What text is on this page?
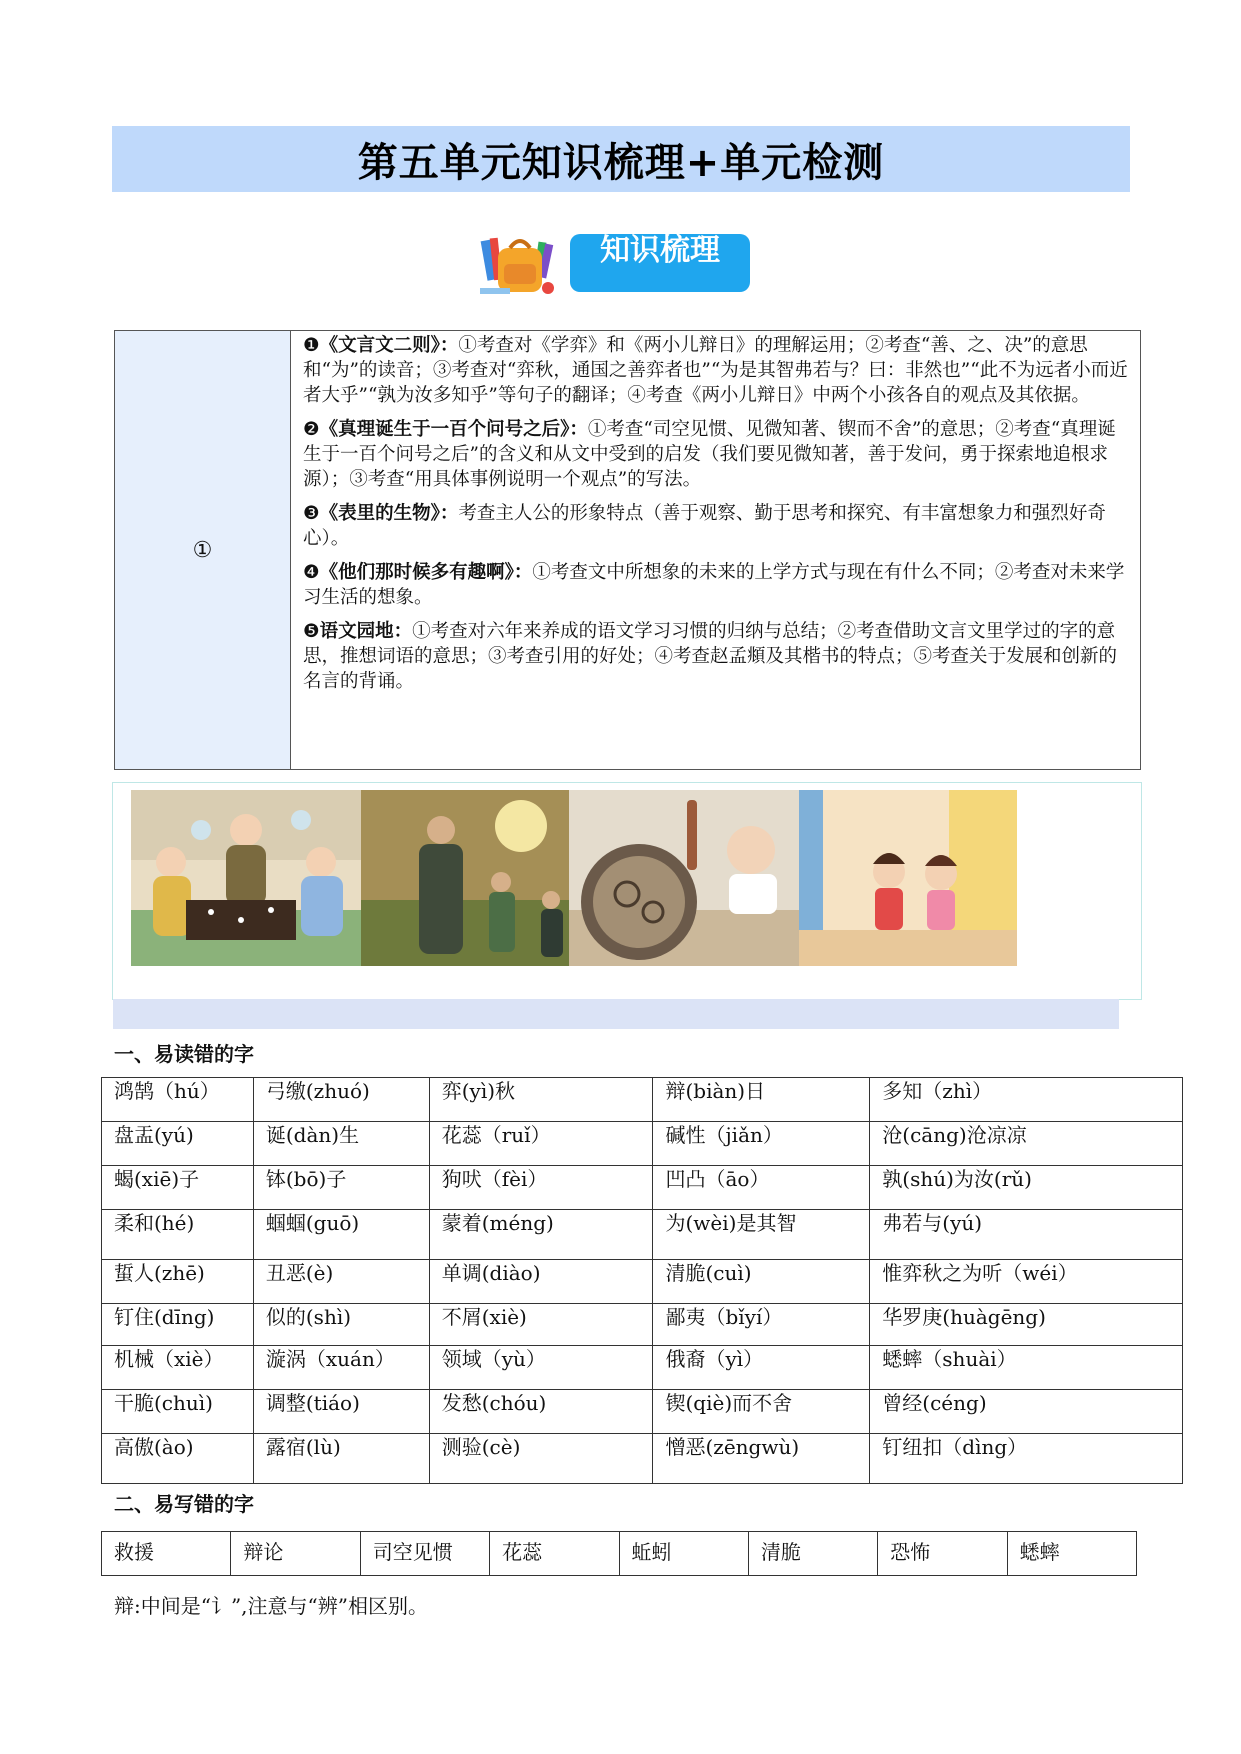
第五单元知识梳理+单元检测
知识梳理
①

❶《文言文二则》：①考查对《学弈》和《两小儿辩日》的理解运用；②考查“善、之、决”的意思和“为”的读音；③考查对“弈秋，通国之善弈者也”“为是其智弗若与？曰：非然也”“此不为远者小而近者大乎”“孰为汝多知乎”等句子的翻译；④考查《两小儿辩日》中两个小孩各自的观点及其依据。

❷《真理诞生于一百个问号之后》：①考查“司空见惯、见微知著、锲而不舍”的意思；②考查“真理诞生于一百个问号之后”的含义和从文中受到的启发（我们要见微知著，善于发问，勇于探索地追根求源）；③考查“用具体事例说明一个观点”的写法。

❸《表里的生物》：考查主人公的形象特点（善于观察、勤于思考和探究、有丰富想象力和强烈好奇心）。

❹《他们那时候多有趣啊》：①考查文中所想象的未来的上学方式与现在有什么不同；②考查对未来学习生活的想象。

❺语文园地：①考查对六年来养成的语文学习习惯的归纳与总结；②考查借助文言文里学过的字的意思，推想词语的意思；③考查引用的好处；④考查赵孟頫及其楷书的特点；⑤考查关于发展和创新的名言的背诵。

一、易读错的字
鸿鹄（hú）	弓缴(zhuó)	弈(yì)秋	辩(biàn)日	多知（zhì）
盘盂(yú)	诞(dàn)生	花蕊（ruǐ）	碱性（jiǎn）	沧(cāng)沧凉凉
蝎(xiē)子	钵(bō)子	狗吠（fèi）	凹凸（āo）	孰(shú)为汝(rǔ)
柔和(hé)	蝈蝈(guō)	蒙着(méng)	为(wèi)是其智	弗若与(yú)
蜇人(zhē)	丑恶(è)	单调(diào)	清脆(cuì)	惟弈秋之为听（wéi）
钉住(dīng)	似的(shì)	不屑(xiè)	鄙夷（bǐyí）	华罗庚(huàgēng)
机械（xiè）	漩涡（xuán）	领域（yù）	俄裔（yì）	蟋蟀（shuài）
干脆(chuì)	调整(tiáo)	发愁(chóu)	锲(qiè)而不舍	曾经(céng)
高傲(ào)	露宿(lù)	测验(cè)	憎恶(zēngwù)	钉纽扣（dìng）
二、易写错的字
救援	辩论	司空见惯	花蕊	蚯蚓	清脆	恐怖	蟋蟀
辩:中间是“讠”,注意与“辨”相区别。
